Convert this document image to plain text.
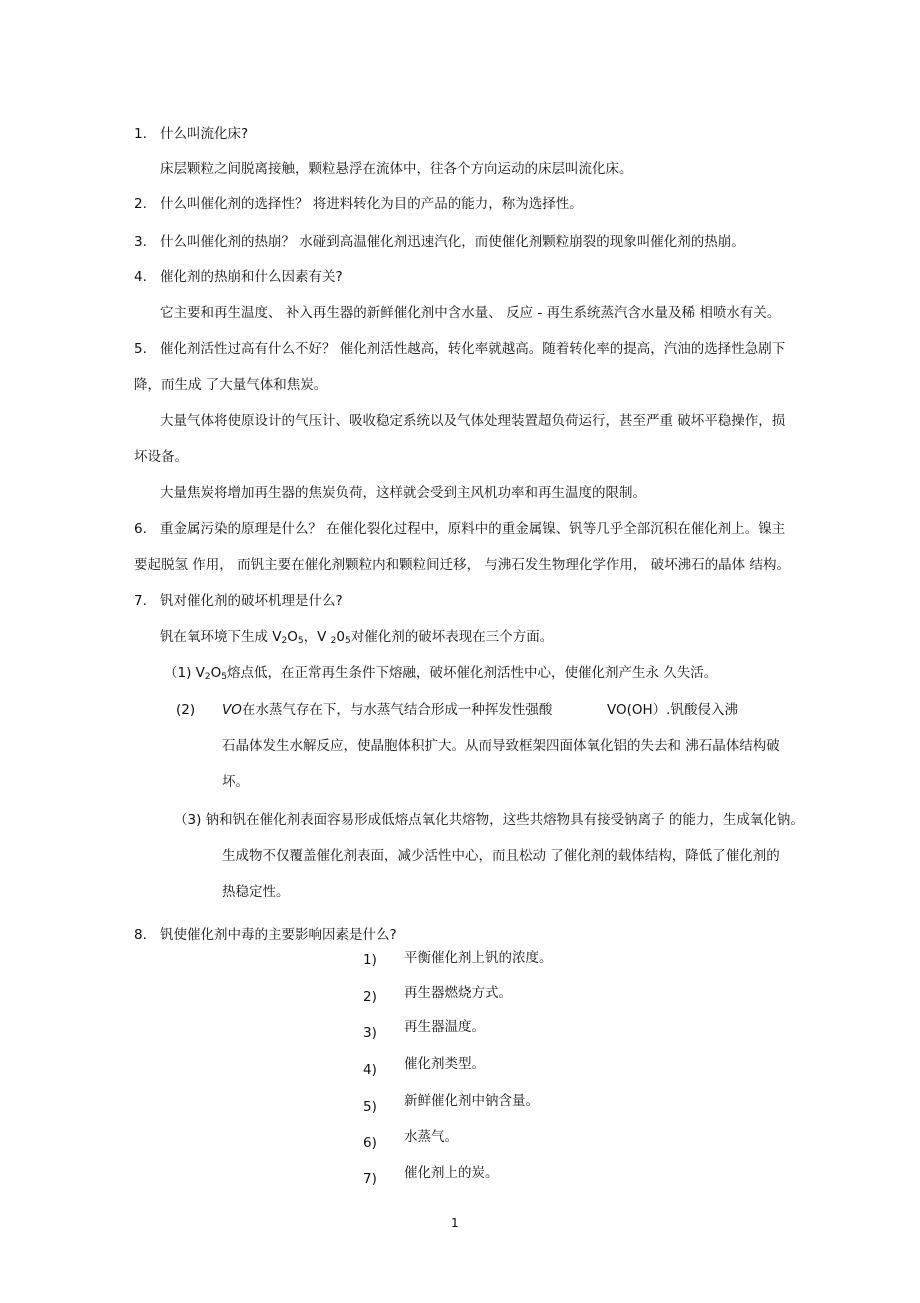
1. 什么叫流化床?
床层颗粒之间脱离接触，颗粒悬浮在流体中，往各个方向运动的床层叫流化床。
2. 什么叫催化剂的选择性？ 将进料转化为目的产品的能力，称为选择性。
3. 什么叫催化剂的热崩？ 水碰到高温催化剂迅速汽化，而使催化剂颗粒崩裂的现象叫催化剂的热崩。
4. 催化剂的热崩和什么因素有关?
它主要和再生温度、 补入再生器的新鲜催化剂中含水量、 反应 - 再生系统蒸汽含水量及稀 相喷水有关。
5. 催化剂活性过高有什么不好？ 催化剂活性越高，转化率就越高。随着转化率的提高，汽油的选择性急剧下
降，而生成 了大量气体和焦炭。
大量气体将使原设计的气压计、吸收稳定系统以及气体处理装置超负荷运行，甚至严重 破坏平稳操作，损
坏设备。
大量焦炭将增加再生器的焦炭负荷，这样就会受到主风机功率和再生温度的限制。
6. 重金属污染的原理是什么？ 在催化裂化过程中，原料中的重金属镍、钒等几乎全部沉积在催化剂上。镍主
要起脱氢 作用， 而钒主要在催化剂颗粒内和颗粒间迁移， 与沸石发生物理化学作用， 破坏沸石的晶体 结构。
7. 钒对催化剂的破坏机理是什么?
钒在氧环境下生成 $V_2O_5$，V $_20_5$对催化剂的破坏表现在三个方面。
（1) $V_2O_5$熔点低，在正常再生条件下熔融，破坏催化剂活性中心，使催化剂产生永 久失活。
(2) VO在水蒸气存在下，与水蒸气结合形成一种挥发性强酸	VO(OH）.钒酸侵入沸
石晶体发生水解反应，使晶胞体积扩大。从而导致框架四面体氧化铝的失去和 沸石晶体结构破
坏。
（3) 钠和钒在催化剂表面容易形成低熔点氧化共熔物，这些共熔物具有接受钠离子 的能力，生成氧化钠。
生成物不仅覆盖催化剂表面，减少活性中心，而且松动 了催化剂的载体结构，降低了催化剂的
热稳定性。
8. 钒使催化剂中毒的主要影响因素是什么?
1) 平衡催化剂上钒的浓度。
2) 再生器燃烧方式。
3) 再生器温度。
4) 催化剂类型。
5) 新鲜催化剂中钠含量。
6) 水蒸气。
7) 催化剂上的炭。
1
